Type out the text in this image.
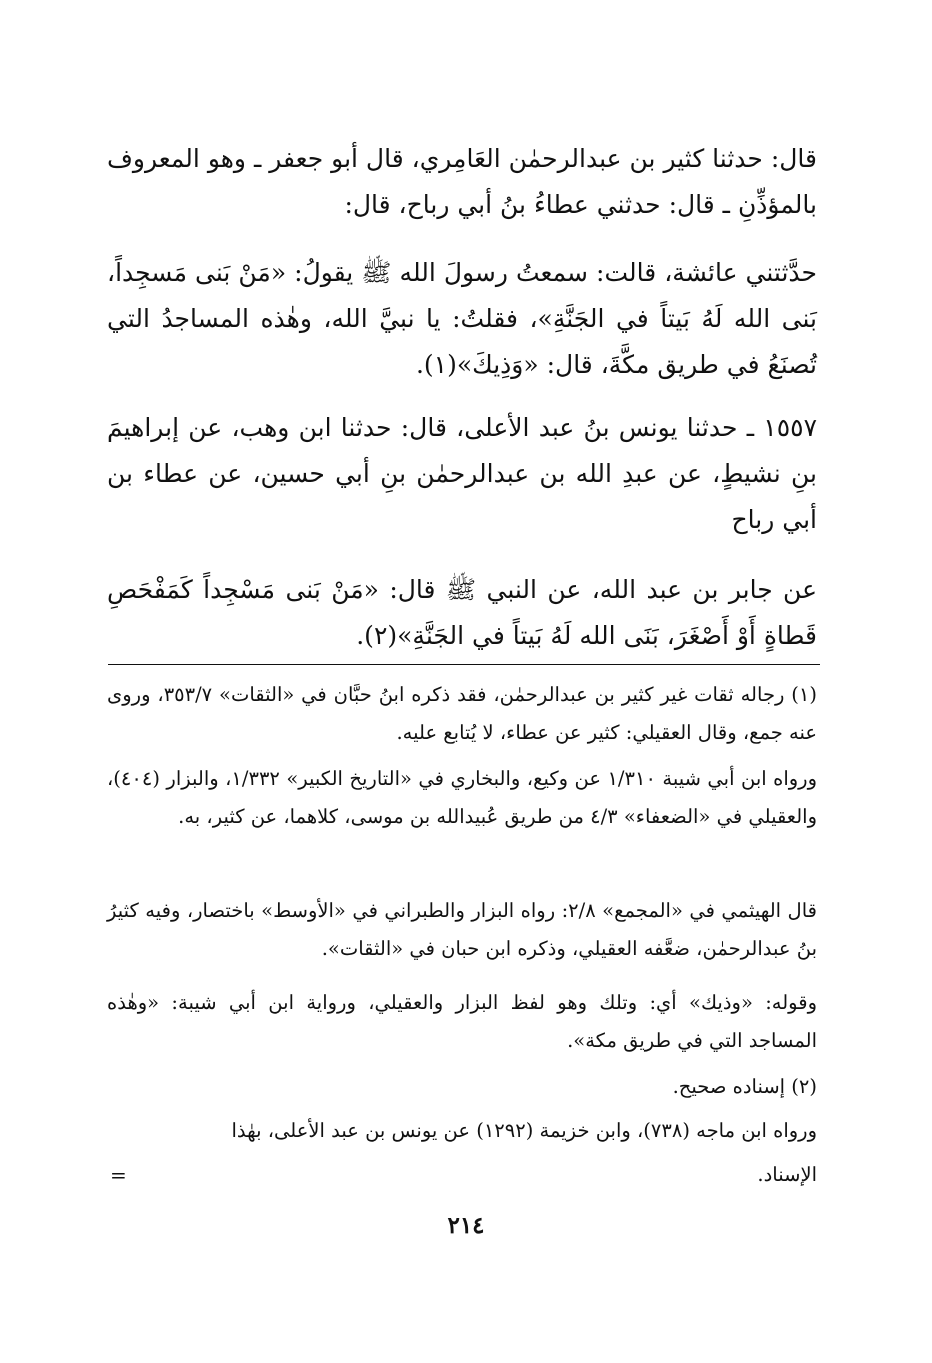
قال: حدثنا كثير بن عبدالرحمٰن العَامِري، قال أبو جعفر ـ وهو المعروف بالمؤذِّنِ ـ قال: حدثني عطاءُ بنُ أبي رباح، قال:

حدَّثتني عائشة، قالت: سمعتُ رسولَ الله ﷺ يقولُ: «مَنْ بَنى مَسجِداً، بَنى الله لَهُ بَيتاً في الجَنَّةِ»، فقلتُ: يا نبيَّ الله، وهٰذه المساجدُ التي تُصنَعُ في طريق مكَّةَ، قال: «وَذِيكَ»(١).

١٥٥٧ ـ حدثنا يونس بنُ عبد الأعلى، قال: حدثنا ابن وهب، عن إبراهيمَ بنِ نشيطٍ، عن عبدِ الله بن عبدالرحمٰن بنِ أبي حسين، عن عطاء بن أبي رباح

عن جابر بن عبد الله، عن النبي ﷺ قال: «مَنْ بَنى مَسْجِداً كَمَفْحَصِ قَطاةٍ أَوْ أَصْغَرَ، بَنَى الله لَهُ بَيتاً في الجَنَّةِ»(٢).

(١) رجاله ثقات غير كثير بن عبدالرحمٰن، فقد ذكره ابنُ حبَّان في «الثقات» ٣٥٣/٧، وروى عنه جمع، وقال العقيلي: كثير عن عطاء، لا يُتابع عليه.

ورواه ابن أبي شيبة ١/٣١٠ عن وكيع، والبخاري في «التاريخ الكبير» ١/٣٣٢، والبزار (٤٠٤)، والعقيلي في «الضعفاء» ٤/٣ من طريق عُبيدالله بن موسى، كلاهما، عن كثير، به.

قال الهيثمي في «المجمع» ٢/٨: رواه البزار والطبراني في «الأوسط» باختصار، وفيه كثيرُ بنُ عبدالرحمٰن، ضعَّفه العقيلي، وذكره ابن حبان في «الثقات».

وقوله: «وذيك» أي: وتلك وهو لفظ البزار والعقيلي، ورواية ابن أبي شيبة: «وهٰذه المساجد التي في طريق مكة».

(٢) إسناده صحيح.

ورواه ابن ماجه (٧٣٨)، وابن خزيمة (١٢٩٢) عن يونس بن عبد الأعلى، بهٰذا

الإسناد.

=
٢١٤
